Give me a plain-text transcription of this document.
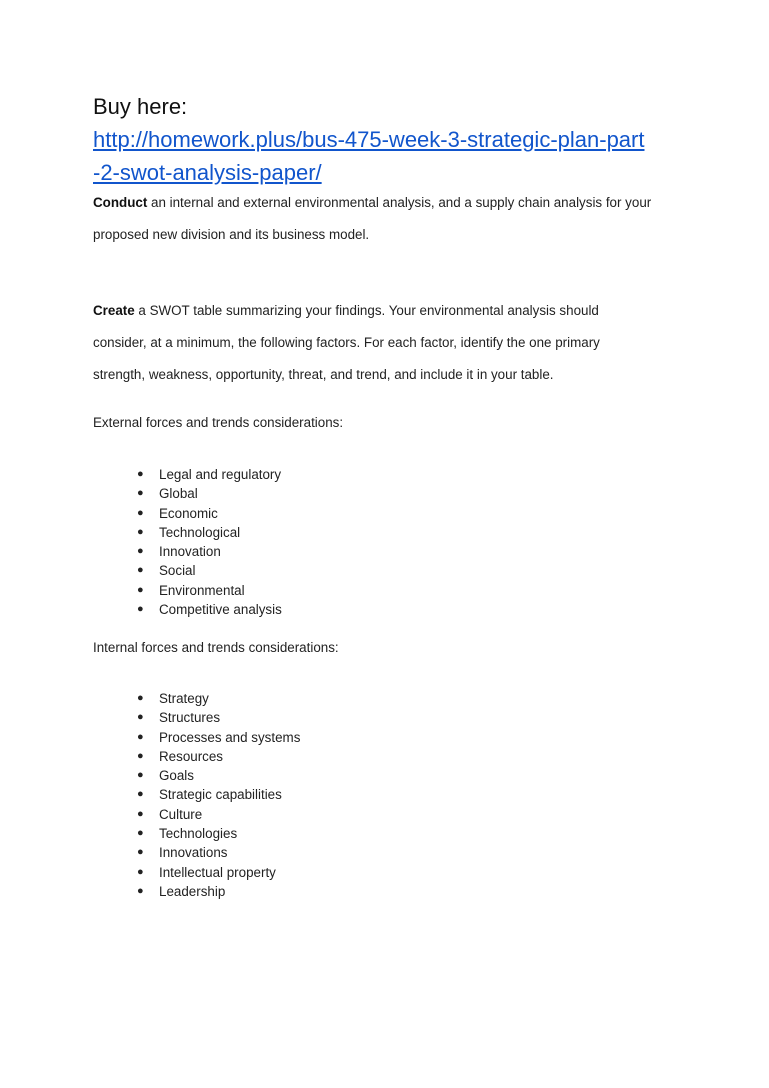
Buy here:
http://homework.plus/bus-475-week-3-strategic-plan-part
-2-swot-analysis-paper/
Conduct an internal and external environmental analysis, and a supply chain analysis for your proposed new division and its business model.
Create a SWOT table summarizing your findings. Your environmental analysis should consider, at a minimum, the following factors. For each factor, identify the one primary strength, weakness, opportunity, threat, and trend, and include it in your table.
External forces and trends considerations:
● Legal and regulatory
● Global
● Economic
● Technological
● Innovation
● Social
● Environmental
● Competitive analysis
Internal forces and trends considerations:
● Strategy
● Structures
● Processes and systems
● Resources
● Goals
● Strategic capabilities
● Culture
● Technologies
● Innovations
● Intellectual property
● Leadership
